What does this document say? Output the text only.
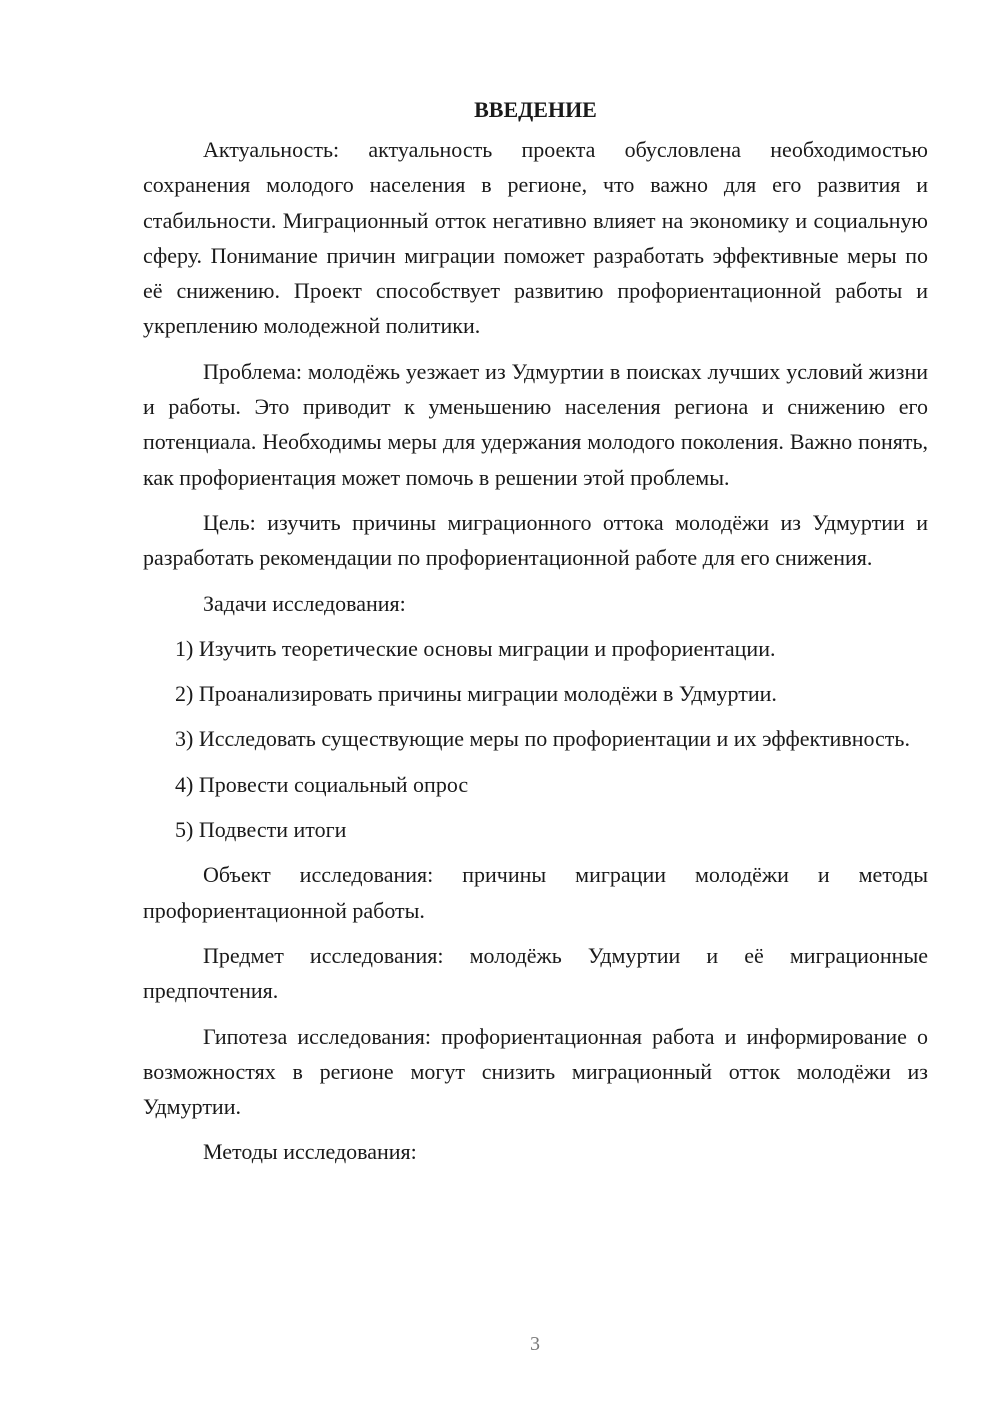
ВВЕДЕНИЕ

Актуальность: актуальность проекта обусловлена необходимостью сохранения молодого населения в регионе, что важно для его развития и стабильности. Миграционный отток негативно влияет на экономику и социальную сферу. Понимание причин миграции поможет разработать эффективные меры по её снижению. Проект способствует развитию профориентационной работы и укреплению молодежной политики.

Проблема: молодёжь уезжает из Удмуртии в поисках лучших условий жизни и работы. Это приводит к уменьшению населения региона и снижению его потенциала. Необходимы меры для удержания молодого поколения. Важно понять, как профориентация может помочь в решении этой проблемы.

Цель: изучить причины миграционного оттока молодёжи из Удмуртии и разработать рекомендации по профориентационной работе для его снижения.

Задачи исследования:

1) Изучить теоретические основы миграции и профориентации.

2) Проанализировать причины миграции молодёжи в Удмуртии.

3) Исследовать существующие меры по профориентации и их эффективность.

4) Провести социальный опрос

5) Подвести итоги

Объект исследования: причины миграции молодёжи и методы профориентационной работы.

Предмет исследования: молодёжь Удмуртии и её миграционные предпочтения.

Гипотеза исследования: профориентационная работа и информирование о возможностях в регионе могут снизить миграционный отток молодёжи из Удмуртии.

Методы исследования:

3
